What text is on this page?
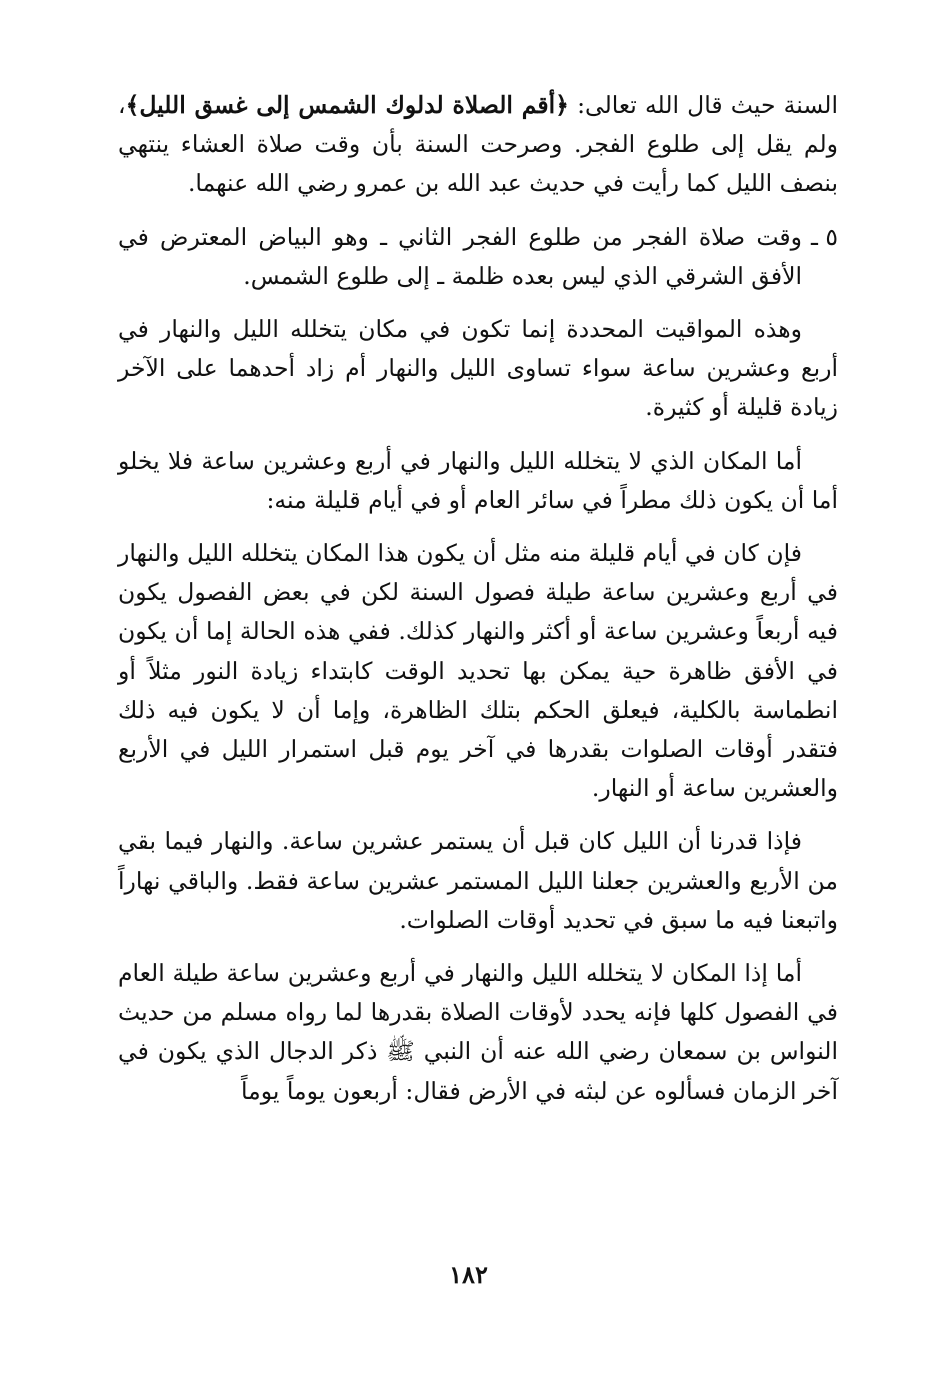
السنة حيث قال الله تعالى: ﴿أقم الصلاة لدلوك الشمس إلى غسق الليل﴾، ولم يقل إلى طلوع الفجر. وصرحت السنة بأن وقت صلاة العشاء ينتهي بنصف الليل كما رأيت في حديث عبد الله بن عمرو رضي الله عنهما.

٥ ـ

وقت صلاة الفجر من طلوع الفجر الثاني ـ وهو البياض المعترض في الأفق الشرقي الذي ليس بعده ظلمة ـ إلى طلوع الشمس.

وهذه المواقيت المحددة إنما تكون في مكان يتخلله الليل والنهار في أربع وعشرين ساعة سواء تساوى الليل والنهار أم زاد أحدهما على الآخر زيادة قليلة أو كثيرة.

أما المكان الذي لا يتخلله الليل والنهار في أربع وعشرين ساعة فلا يخلو أما أن يكون ذلك مطراً في سائر العام أو في أيام قليلة منه:

فإن كان في أيام قليلة منه مثل أن يكون هذا المكان يتخلله الليل والنهار في أربع وعشرين ساعة طيلة فصول السنة لكن في بعض الفصول يكون فيه أربعاً وعشرين ساعة أو أكثر والنهار كذلك. ففي هذه الحالة إما أن يكون في الأفق ظاهرة حية يمكن بها تحديد الوقت كابتداء زيادة النور مثلاً أو انطماسة بالكلية، فيعلق الحكم بتلك الظاهرة، وإما أن لا يكون فيه ذلك فتقدر أوقات الصلوات بقدرها في آخر يوم قبل استمرار الليل في الأربع والعشرين ساعة أو النهار.

فإذا قدرنا أن الليل كان قبل أن يستمر عشرين ساعة. والنهار فيما بقي من الأربع والعشرين جعلنا الليل المستمر عشرين ساعة فقط. والباقي نهاراً واتبعنا فيه ما سبق في تحديد أوقات الصلوات.

أما إذا المكان لا يتخلله الليل والنهار في أربع وعشرين ساعة طيلة العام في الفصول كلها فإنه يحدد لأوقات الصلاة بقدرها لما رواه مسلم من حديث النواس بن سمعان رضي الله عنه أن النبي ﷺ ذكر الدجال الذي يكون في آخر الزمان فسألوه عن لبثه في الأرض فقال: أربعون يوماً يوماً

١٨٢
